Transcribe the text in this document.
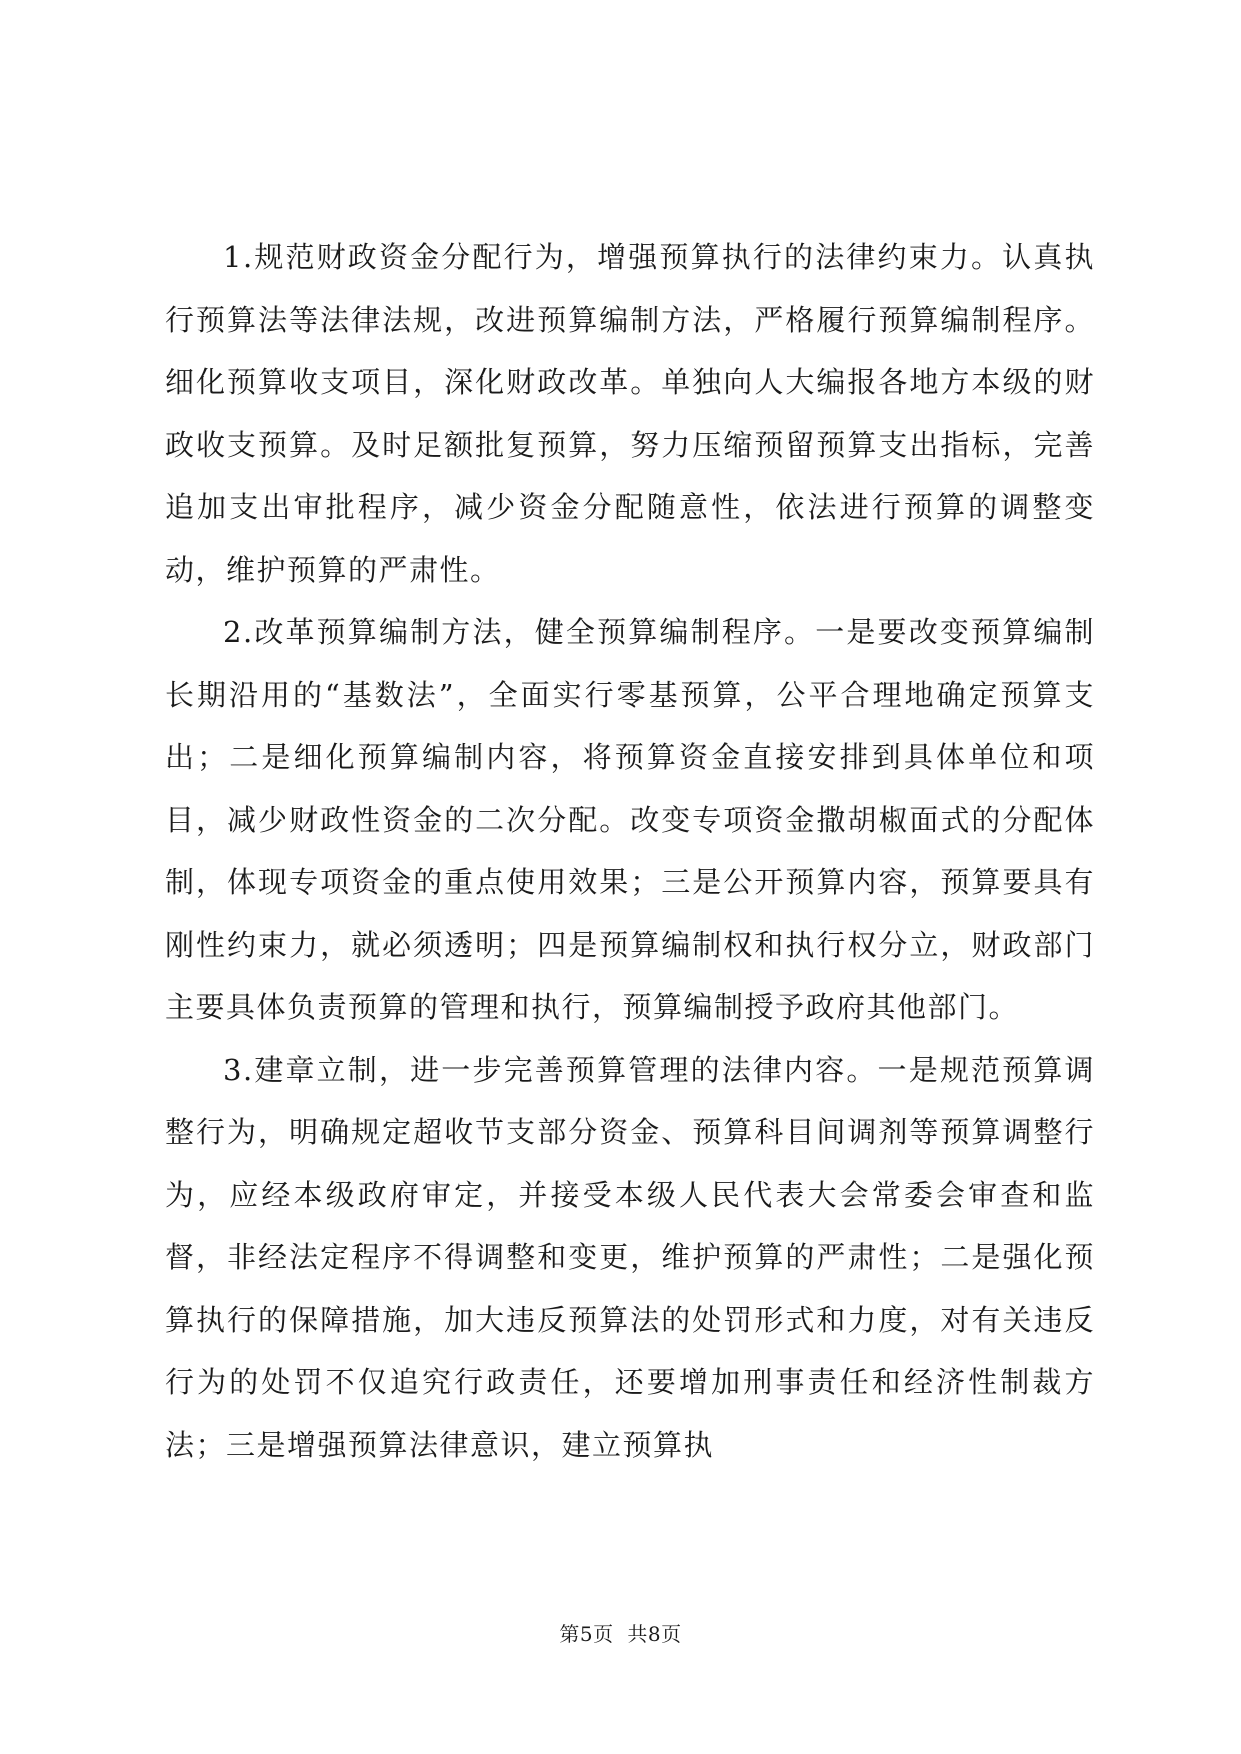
1.规范财政资金分配行为，增强预算执行的法律约束力。认真执行预算法等法律法规，改进预算编制方法，严格履行预算编制程序。细化预算收支项目，深化财政改革。单独向人大编报各地方本级的财政收支预算。及时足额批复预算，努力压缩预留预算支出指标，完善追加支出审批程序，减少资金分配随意性，依法进行预算的调整变动，维护预算的严肃性。

2.改革预算编制方法，健全预算编制程序。一是要改变预算编制长期沿用的“基数法”，全面实行零基预算，公平合理地确定预算支出；二是细化预算编制内容，将预算资金直接安排到具体单位和项目，减少财政性资金的二次分配。改变专项资金撒胡椒面式的分配体制，体现专项资金的重点使用效果；三是公开预算内容，预算要具有刚性约束力，就必须透明；四是预算编制权和执行权分立，财政部门主要具体负责预算的管理和执行，预算编制授予政府其他部门。

3.建章立制，进一步完善预算管理的法律内容。一是规范预算调整行为，明确规定超收节支部分资金、预算科目间调剂等预算调整行为，应经本级政府审定，并接受本级人民代表大会常委会审查和监督，非经法定程序不得调整和变更，维护预算的严肃性；二是强化预算执行的保障措施，加大违反预算法的处罚形式和力度，对有关违反行为的处罚不仅追究行政责任，还要增加刑事责任和经济性制裁方法；三是增强预算法律意识，建立预算执

第5页 共8页
